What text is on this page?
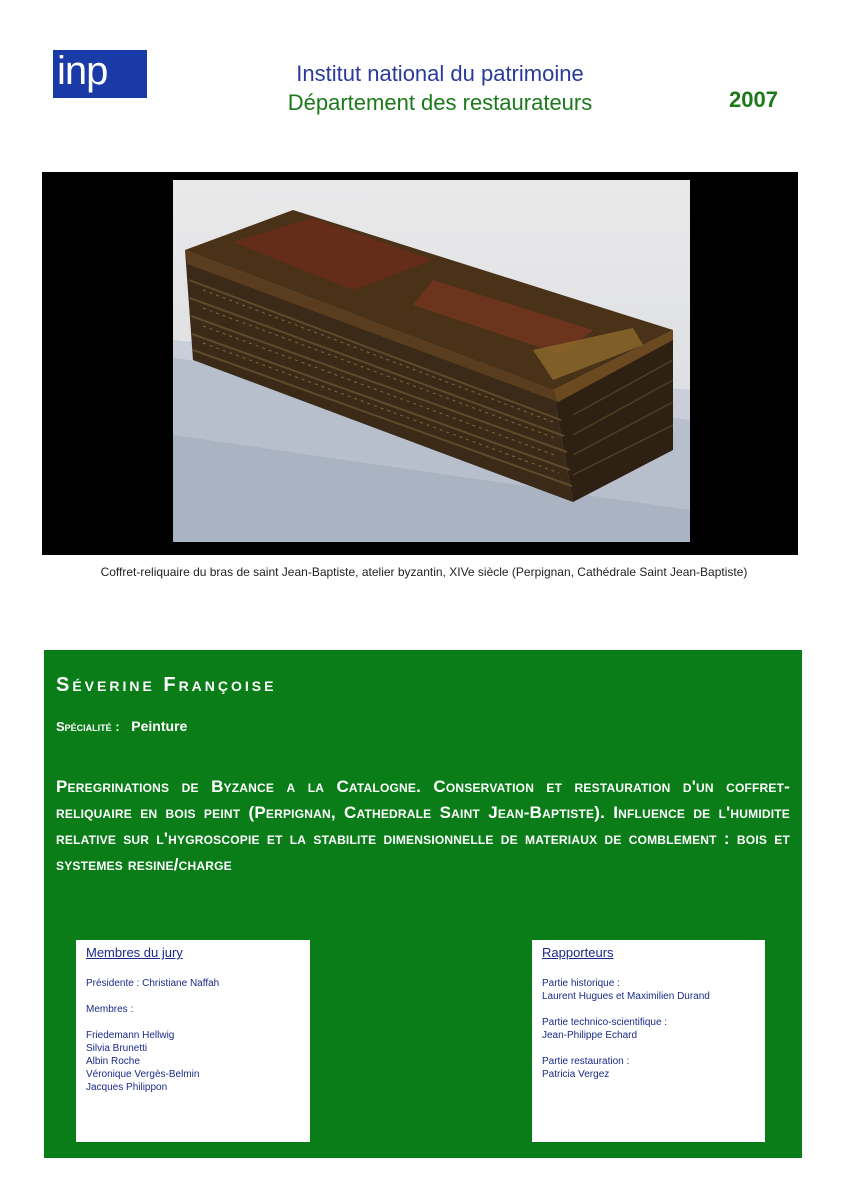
inp	Institut national du patrimoine
Département des restaurateurs	2007
Coffret-reliquaire du bras de saint Jean-Baptiste, atelier byzantin, XIVe siècle (Perpignan, Cathédrale Saint Jean-Baptiste)
Séverine Françoise
Spécialité : Peinture
Peregrinations de Byzance a la Catalogne. Conservation et restauration d'un coffret-reliquaire en bois peint (Perpignan, Cathedrale Saint Jean-Baptiste). Influence de l'humidite relative sur l'hygroscopie et la stabilite dimensionnelle de materiaux de comblement : bois et systemes resine/charge
Membres du jury
Présidente : Christiane Naffah
Membres :
Friedemann Hellwig
Silvia Brunetti
Albin Roche
Véronique Vergès-Belmin
Jacques Philippon
Rapporteurs
Partie historique :
Laurent Hugues et Maximilien Durand
Partie technico-scientifique :
Jean-Philippe Echard
Partie restauration :
Patricia Vergez
